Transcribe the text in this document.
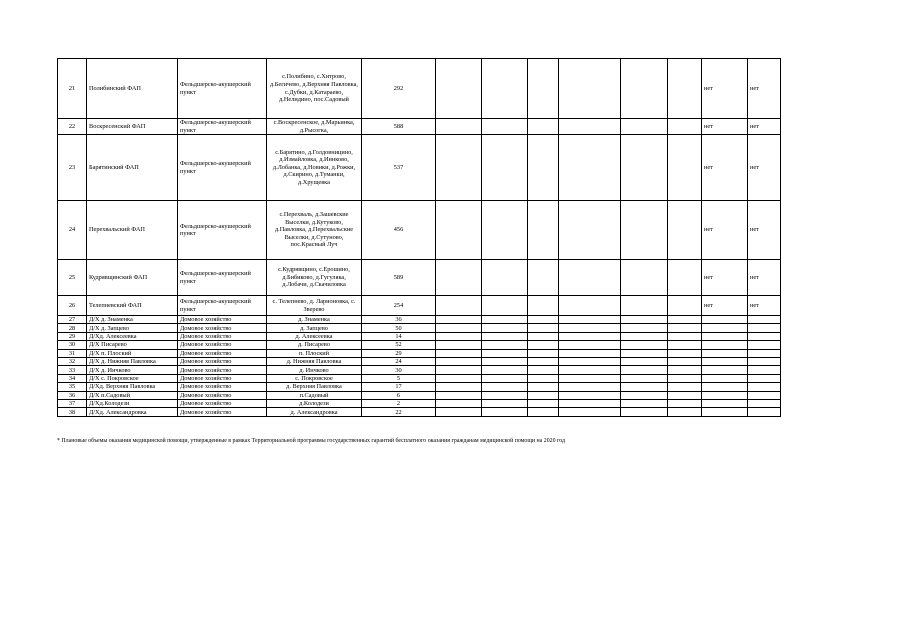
21	Полибинский ФАП	Фельдшерско-акушерский пункт	с.Полибино, с.Хитрово, д.Бегичево, д.Верхняя Павловка, с.Дубки, д.Катарaево, д.Нелидино, пос.Садовый	292							нет	нет
22	Воскресенский ФАП	Фельдшерско-акушерский пункт	с.Воскресенское, д.Марьинка, д.Рысогка,	588							нет	нет
23	Барятинский ФАП	Фельдшерско-акушерский пункт	с.Барятино, д.Голдовницино, д.Измайловка, д.Иннково, д.Лобанка, д.Новики, д.Рожки, д.Скирино, д.Туманки, д.Хрущевка	537							нет	нет
24	Перехвальский ФАП	Фельдшерско-акушерский пункт	с.Перехваль, д.Зашевские Выселки, д.Кутуково, д.Павловка, д.Перехвальские Выселки, д.Сутуново, пос.Красный Луч	456							нет	нет
25	Кудрявщинский ФАП	Фельдшерско-акушерский пункт	с.Кудрявщино, с.Ерошино, д.Бибиково, д.Гугуляка, д.Лобачи, д.Скачиловка	589							нет	нет
26	Телепневский ФАП	Фельдшерско-акушерский пункт	с. Телепнево, д. Ларионовка, с. Зверево	254							нет	нет
27	Д/Х д. Знаменка	Домовое хозяйство	д. Знаменка	36								
28	Д/Х д. Запцево	Домовое хозяйство	д. Запцево	50								
29	Д/Хд. Алексеевка	Домовое хозяйство	д. Алексеевка	14								
30	Д/Х Писарево	Домовое хозяйство	д. Писарево	52								
31	Д/Х п. Плоский	Домовое хозяйство	п. Плоский	29								
32	Д/Х д. Нижняя Павловка	Домовое хозяйство	д. Нижняя Павловка	24								
33	Д/Х д. Инчково	Домовое хозяйство	д. Инчково	30								
34	Д/Х с. Покровское	Домовое хозяйство	с. Покровское	5								
35	Д/Хд. Верхняя Павловка	Домовое хозяйство	д. Верхняя Павловка	17								
36	Д/Х п.Садовый	Домовое хозяйство	п.Садовый	6								
37	Д/Хд.Колодези	Домовое хозяйство	д.Колодези	2								
38	Д/Хд. Александровка	Домовое хозяйство	д. Александровка	22								
* Плановые объемы оказания медицинской помощи, утвержденные в рамках Территориальной программы государственных гарантий бесплатного оказания гражданам медицинской помощи на 2020 год
